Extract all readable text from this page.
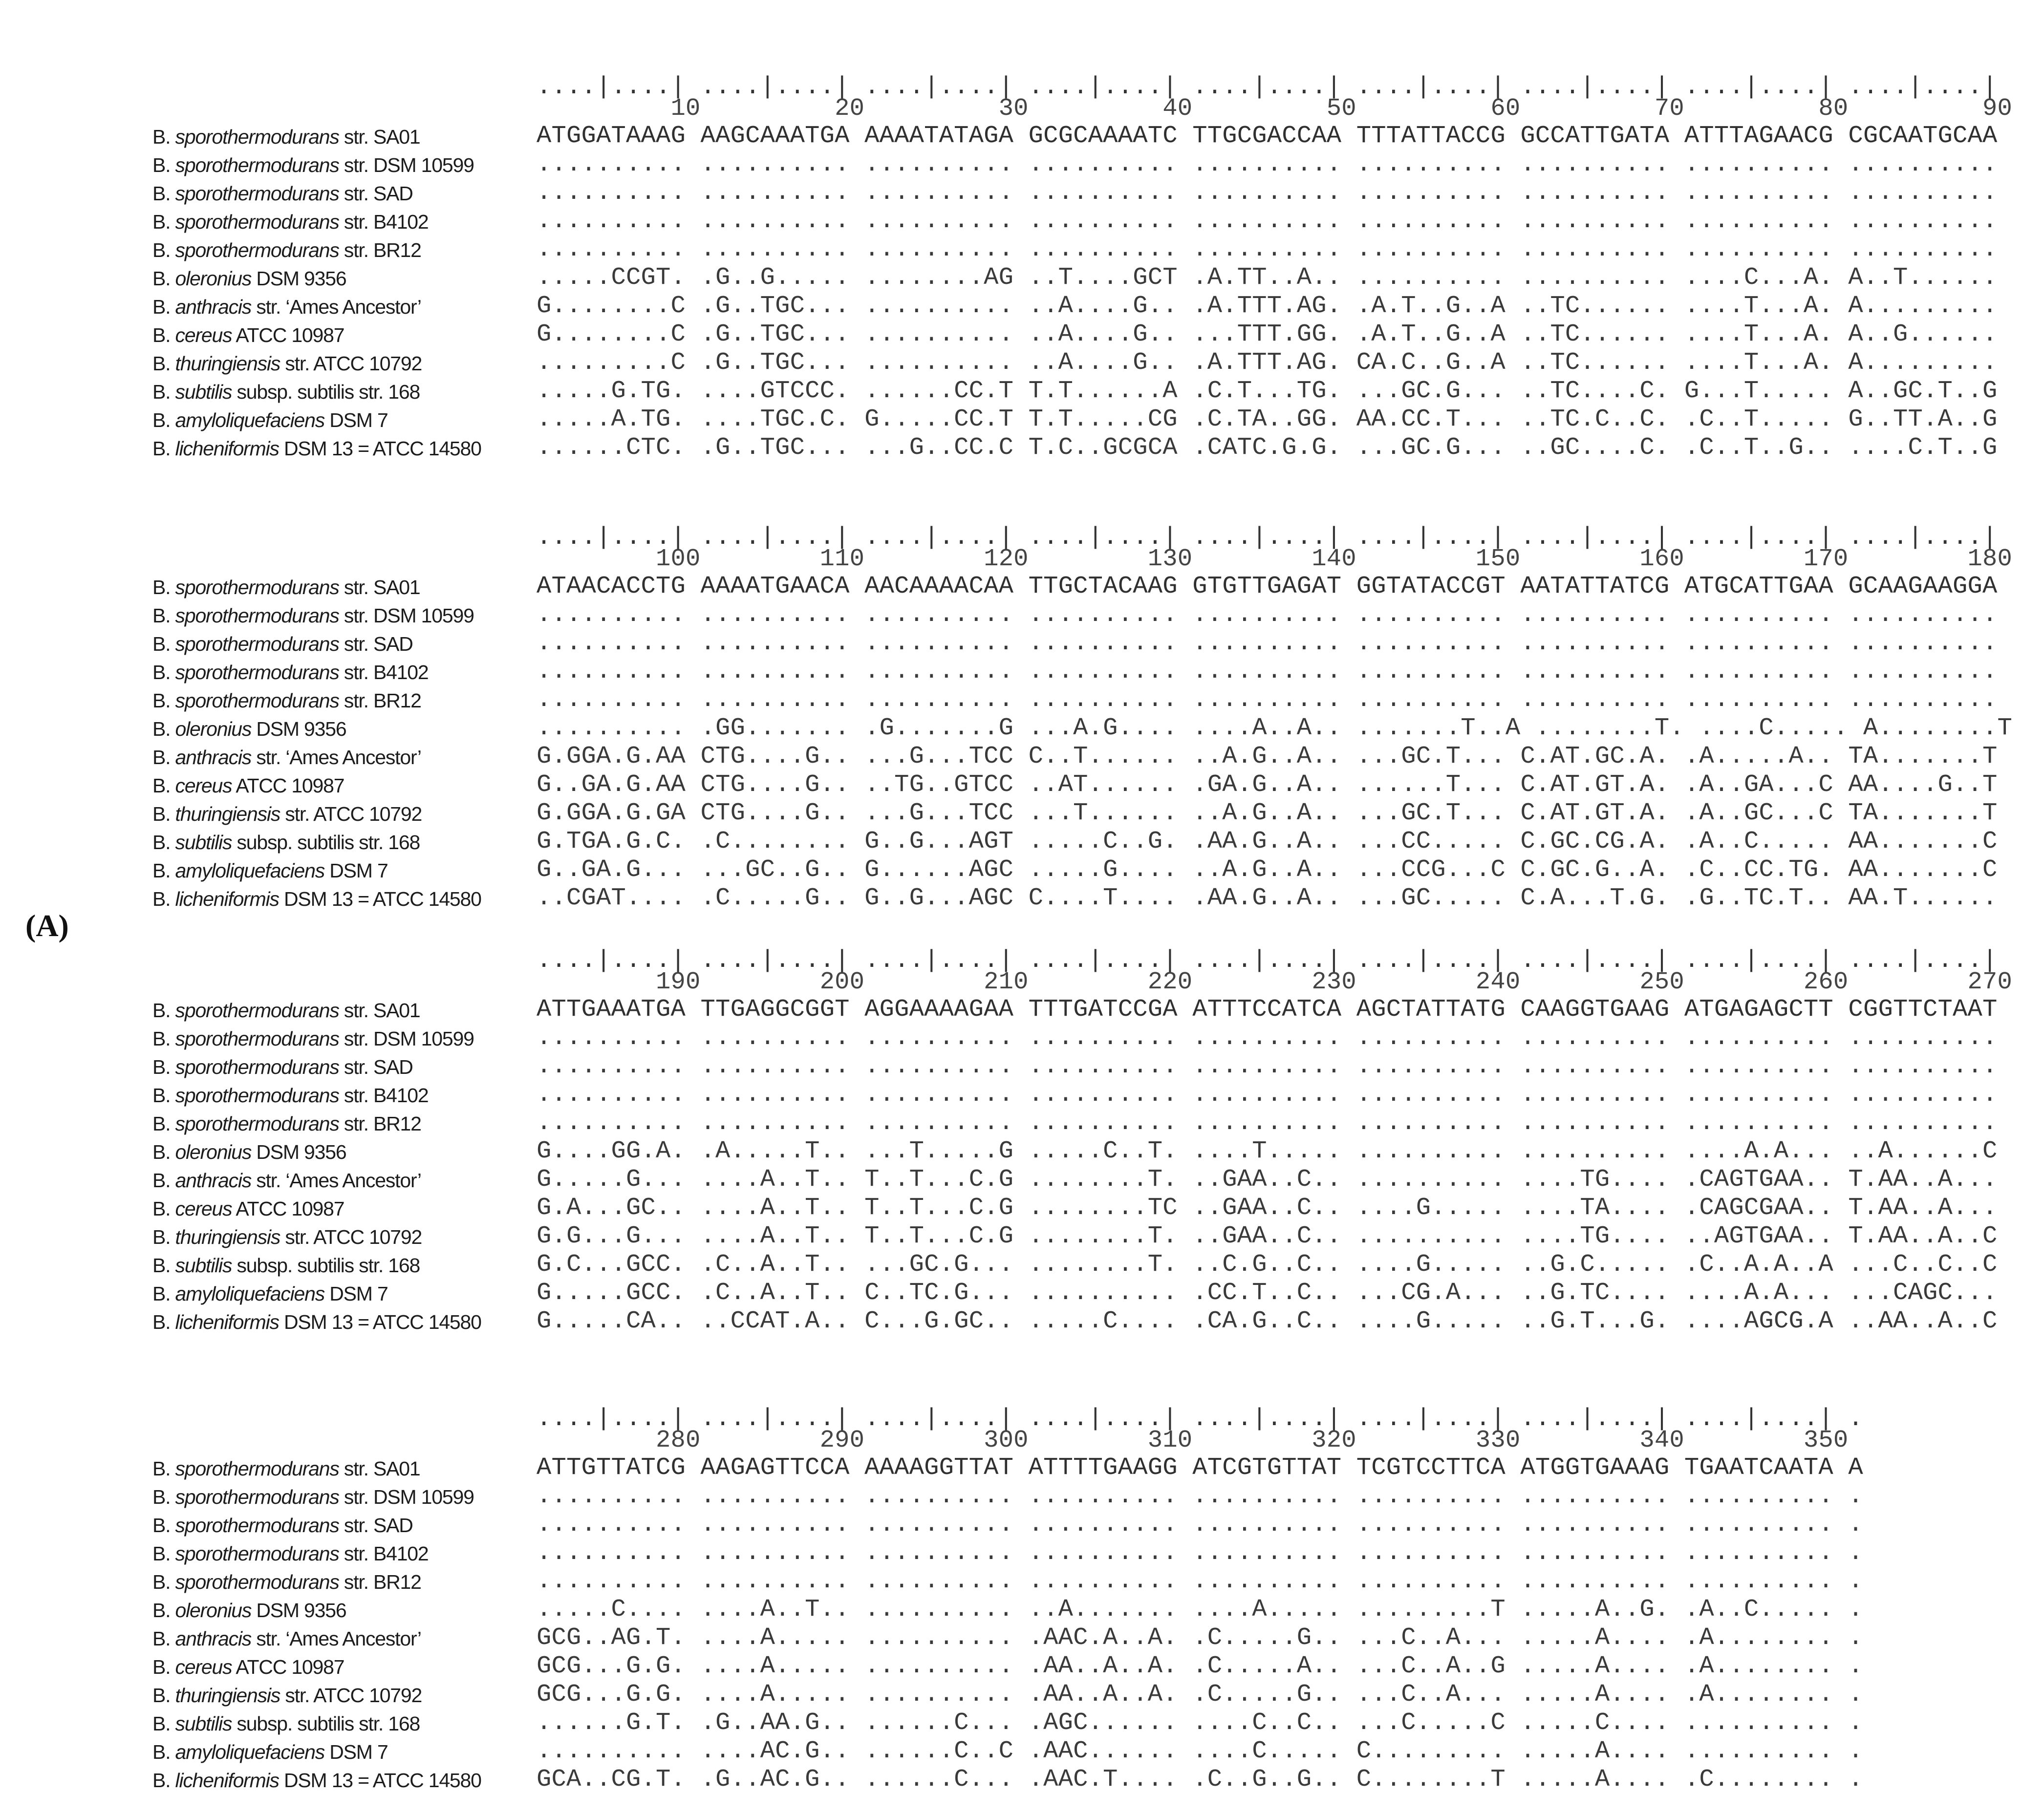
(A)
....|....| ....|....| ....|....| ....|....| ....|....| ....|....| ....|....| ....|....| ....|....|
10         20         30         40         50         60         70         80         90
B. sporothermodurans str. SA01	ATGGATAAAG AAGCAAATGA AAAATATAGA GCGCAAAATC TTGCGACCAA TTTATTACCG GCCATTGATA ATTTAGAACG CGCAATGCAA
B. sporothermodurans str. DSM 10599	.......... .......... .......... .......... .......... .......... .......... .......... ..........
B. sporothermodurans str. SAD	.......... .......... .......... .......... .......... .......... .......... .......... ..........
B. sporothermodurans str. B4102	.......... .......... .......... .......... .......... .......... .......... .......... ..........
B. sporothermodurans str. BR12	.......... .......... .......... .......... .......... .......... .......... .......... ..........
B. oleronius DSM 9356	.....CCGT. .G..G..... ........AG ..T....GCT .A.TT..A.. .......... .......... ....C...A. A..T......
B. anthracis str. ‘Ames Ancestor’	G........C .G..TGC... .......... ..A....G.. .A.TTT.AG. .A.T..G..A ..TC...... ....T...A. A.........
B. cereus ATCC 10987	G........C .G..TGC... .......... ..A....G.. ...TTT.GG. .A.T..G..A ..TC...... ....T...A. A..G......
B. thuringiensis str. ATCC 10792	.........C .G..TGC... .......... ..A....G.. .A.TTT.AG. CA.C..G..A ..TC...... ....T...A. A.........
B. subtilis subsp. subtilis str. 168	.....G.TG. ....GTCCC. ......CC.T T.T......A .C.T...TG. ...GC.G... ..TC....C. G...T..... A..GC.T..G
B. amyloliquefaciens DSM 7	.....A.TG. ....TGC.C. G.....CC.T T.T.....CG .C.TA..GG. AA.CC.T... ..TC.C..C. .C..T..... G..TT.A..G
B. licheniformis DSM 13 = ATCC 14580 ......CTC. .G..TGC... ...G..CC.C T.C..GCGCA .CATC.G.G. ...GC.G... ..GC....C. .C..T..G.. ....C.T..G
....|....| ....|....| ....|....| ....|....| ....|....| ....|....| ....|....| ....|....| ....|....|
100        110        120        130        140        150        160        170        180
B. sporothermodurans str. SA01	ATAACACCTG AAAATGAACA AACAAAACAA TTGCTACAAG GTGTTGAGAT GGTATACCGT AATATTATCG ATGCATTGAA GCAAGAAGGA
B. sporothermodurans str. DSM 10599	.......... .......... .......... .......... .......... .......... .......... .......... ..........
B. sporothermodurans str. SAD	.......... .......... .......... .......... .......... .......... .......... .......... ..........
B. sporothermodurans str. B4102	.......... .......... .......... .......... .......... .......... .......... .......... ..........
B. sporothermodurans str. BR12	.......... .......... .......... .......... .......... .......... .......... .......... ..........
B. oleronius DSM 9356	.......... .GG....... .G.......G ...A.G.... ....A..A.. .......T..A ........T. ....C..... A........T
B. anthracis str. ‘Ames Ancestor’	G.GGA.G.AA CTG....G.. ...G...TCC C..T...... ..A.G..A.. ...GC.T... C.AT.GC.A. .A.....A.. TA.......T
B. cereus ATCC 10987	G..GA.G.AA CTG....G.. ..TG..GTCC ..AT...... .GA.G..A.. ......T... C.AT.GT.A. .A..GA...C AA....G..T
B. thuringiensis str. ATCC 10792	G.GGA.G.GA CTG....G.. ...G...TCC ...T...... ..A.G..A.. ...GC.T... C.AT.GT.A. .A..GC...C TA.......T
B. subtilis subsp. subtilis str. 168	G.TGA.G.C. .C........ G..G...AGT .....C..G. .AA.G..A.. ...CC..... C.GC.CG.A. .A..C..... AA.......C
B. amyloliquefaciens DSM 7	G..GA.G... ...GC..G.. G......AGC .....G.... ..A.G..A.. ...CCG...C C.GC.G..A. .C..CC.TG. AA.......C
B. licheniformis DSM 13 = ATCC 14580 ..CGAT.... .C.....G.. G..G...AGC C....T.... .AA.G..A.. ...GC..... C.A...T.G. .G..TC.T.. AA.T......
....|....| ....|....| ....|....| ....|....| ....|....| ....|....| ....|....| ....|....| ....|....|
190        200        210        220        230        240        250        260        270
B. sporothermodurans str. SA01	ATTGAAATGA TTGAGGCGGT AGGAAAAGAA TTTGATCCGA ATTTCCATCA AGCTATTATG CAAGGTGAAG ATGAGAGCTT CGGTTCTAAT
B. sporothermodurans str. DSM 10599	.......... .......... .......... .......... .......... .......... .......... .......... ..........
B. sporothermodurans str. SAD	.......... .......... .......... .......... .......... .......... .......... .......... ..........
B. sporothermodurans str. B4102	.......... .......... .......... .......... .......... .......... .......... .......... ..........
B. sporothermodurans str. BR12	.......... .......... .......... .......... .......... .......... .......... .......... ..........
B. oleronius DSM 9356	G....GG.A. .A.....T.. ...T.....G .....C..T. ....T..... .......... .......... ....A.A... ..A......C
B. anthracis str. ‘Ames Ancestor’	G.....G... ....A..T.. T..T...C.G ........T. ..GAA..C.. .......... ....TG.... .CAGTGAA.. T.AA..A...
B. cereus ATCC 10987	G.A...GC.. ....A..T.. T..T...C.G ........TC ..GAA..C.. ....G..... ....TA.... .CAGCGAA.. T.AA..A...
B. thuringiensis str. ATCC 10792	G.G...G... ....A..T.. T..T...C.G ........T. ..GAA..C.. .......... ....TG.... ..AGTGAA.. T.AA..A..C
B. subtilis subsp. subtilis str. 168	G.C...GCC. .C..A..T.. ...GC.G... ........T. ..C.G..C.. ....G..... ..G.C..... .C..A.A..A ...C..C..C
B. amyloliquefaciens DSM 7	G.....GCC. .C..A..T.. C..TC.G... .......... .CC.T..C.. ...CG.A... ..G.TC.... ....A.A... ...CAGC...
B. licheniformis DSM 13 = ATCC 14580 G.....CA.. ..CCAT.A.. C...G.GC.. .....C.... .CA.G..C.. ....G..... ..G.T...G. ....AGCG.A ..AA..A..C
....|....| ....|....| ....|....| ....|....| ....|....| ....|....| ....|....| ....|....| .
280        290        300        310        320        330        340        350
B. sporothermodurans str. SA01	ATTGTTATCG AAGAGTTCCA AAAAGGTTAT ATTTTGAAGG ATCGTGTTAT TCGTCCTTCA ATGGTGAAAG TGAATCAATA A
B. sporothermodurans str. DSM 10599	.......... .......... .......... .......... .......... .......... .......... .......... .
B. sporothermodurans str. SAD	.......... .......... .......... .......... .......... .......... .......... .......... .
B. sporothermodurans str. B4102	.......... .......... .......... .......... .......... .......... .......... .......... .
B. sporothermodurans str. BR12	.......... .......... .......... .......... .......... .......... .......... .......... .
B. oleronius DSM 9356	.....C.... ....A..T.. .......... ..A....... ....A..... .........T .....A..G. .A..C..... .
B. anthracis str. ‘Ames Ancestor’	GCG..AG.T. ....A..... .......... .AAC.A..A. .C.....G.. ...C..A... .....A.... .A........ .
B. cereus ATCC 10987	GCG...G.G. ....A..... .......... .AA..A..A. .C.....A.. ...C..A..G .....A.... .A........ .
B. thuringiensis str. ATCC 10792	GCG...G.G. ....A..... .......... .AA..A..A. .C.....G.. ...C..A... .....A.... .A........ .
B. subtilis subsp. subtilis str. 168	......G.T. .G..AA.G.. ......C... .AGC...... ....C..C.. ...C.....C .....C.... .......... .
B. amyloliquefaciens DSM 7	.......... ....AC.G.. ......C..C .AAC...... ....C..... C......... .....A.... .......... .
B. licheniformis DSM 13 = ATCC 14580 GCA..CG.T. .G..AC.G.. ......C... .AAC.T.... .C..G..G.. C........T .....A.... .C........ .
